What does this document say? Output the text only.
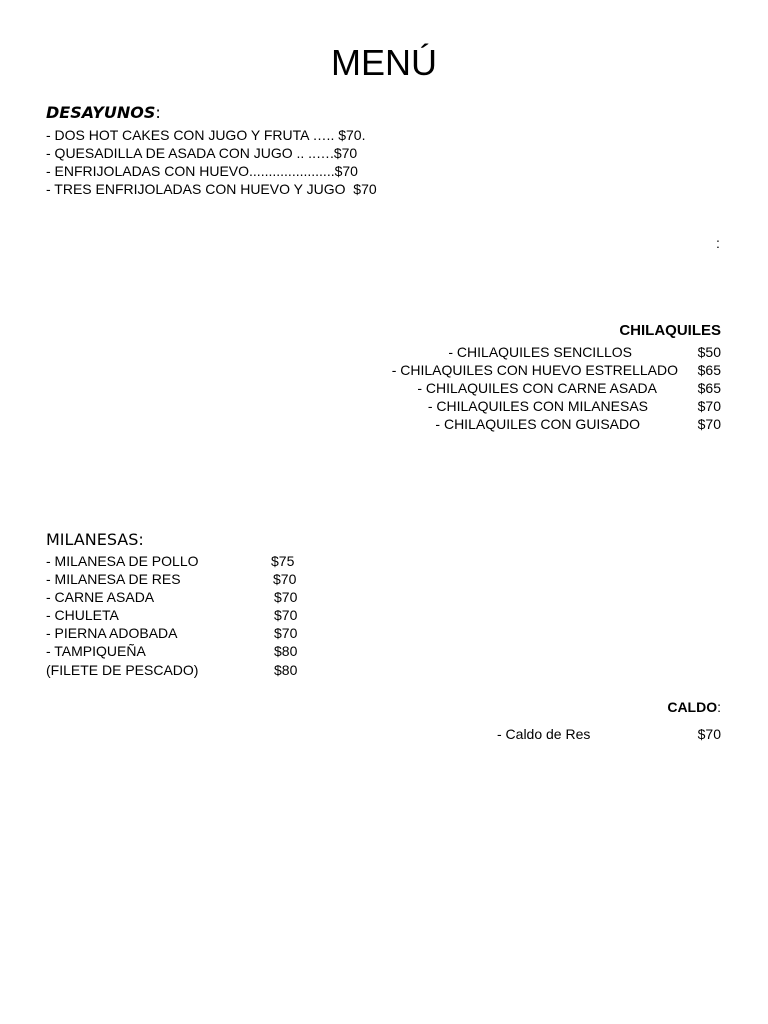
MENÚ
DESAYUNOS:
- DOS HOT CAKES CON JUGO Y FRUTA ….. $70.
- QUESADILLA DE ASADA CON JUGO .. ..….$70
- ENFRIJOLADAS CON HUEVO......................$70
- TRES ENFRIJOLADAS CON HUEVO Y JUGO  $70
:
CHILAQUILES
- CHILAQUILES SENCILLOS	$50
- CHILAQUILES CON HUEVO ESTRELLADO $65
- CHILAQUILES CON CARNE ASADA	$65
- CHILAQUILES CON MILANESAS	$70
- CHILAQUILES CON GUISADO	$70
MILANESAS:
- MILANESA DE POLLO	$75
- MILANESA DE RES	$70
- CARNE ASADA	$70
- CHULETA	$70
- PIERNA ADOBADA	$70
- TAMPIQUEÑA	$80
(FILETE DE PESCADO)	$80
CALDO:
- Caldo de Res	$70
